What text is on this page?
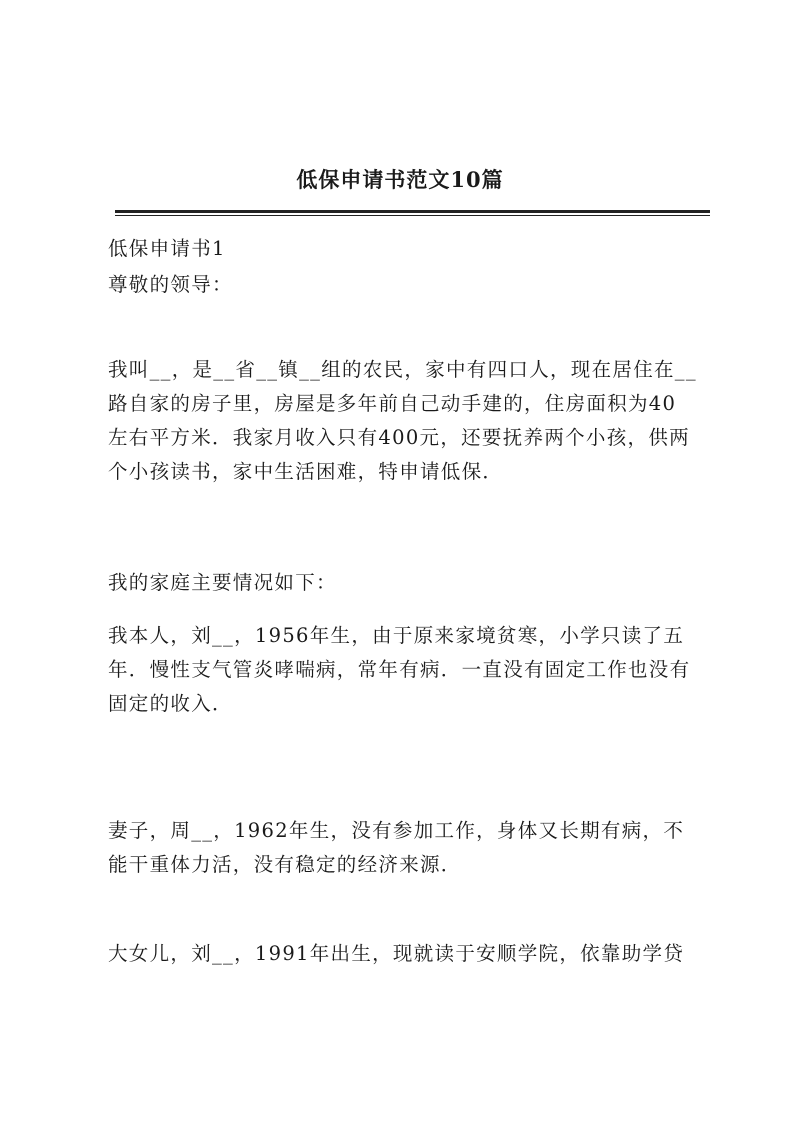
低保申请书范文10篇
低保申请书1
尊敬的领导：
我叫__，是__省__镇__组的农民，家中有四口人，现在居住在__
路自家的房子里，房屋是多年前自己动手建的，住房面积为40
左右平方米．我家月收入只有400元，还要抚养两个小孩，供两
个小孩读书，家中生活困难，特申请低保．
我的家庭主要情况如下：
我本人，刘__，1956年生，由于原来家境贫寒，小学只读了五
年．慢性支气管炎哮喘病，常年有病．一直没有固定工作也没有
固定的收入．
妻子，周__，1962年生，没有参加工作，身体又长期有病，不
能干重体力活，没有稳定的经济来源．
大女儿，刘__，1991年出生，现就读于安顺学院，依靠助学贷
